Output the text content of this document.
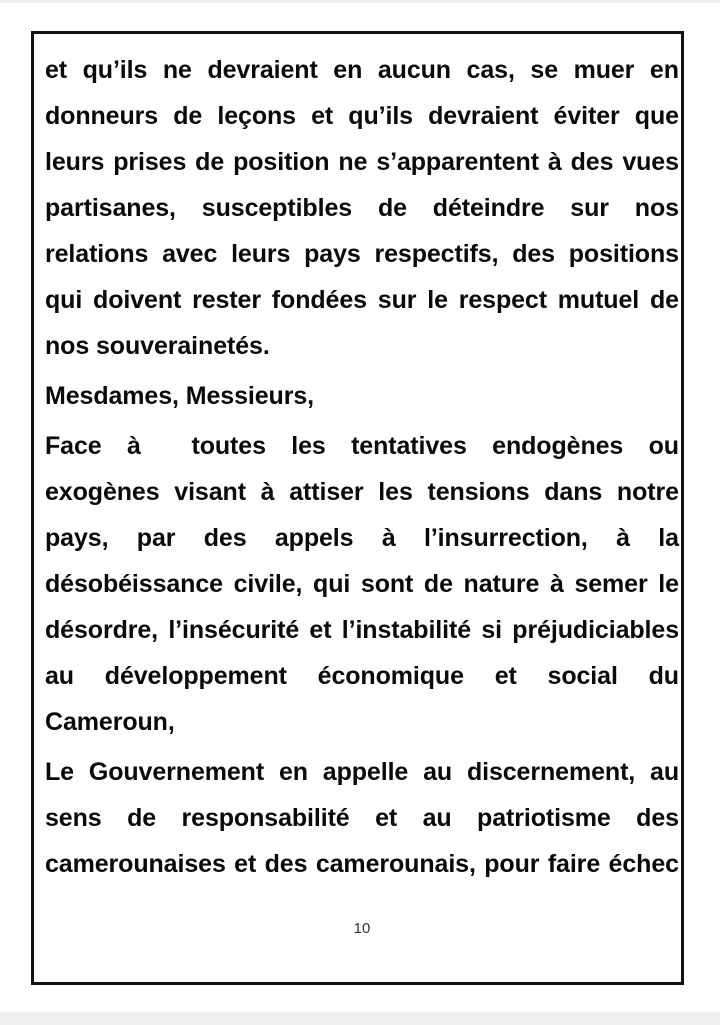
et qu’ils ne devraient en aucun cas, se muer en
donneurs de leçons et qu’ils devraient éviter que
leurs prises de position ne s’apparentent à des vues
partisanes, susceptibles de déteindre sur nos
relations avec leurs pays respectifs, des positions
qui doivent rester fondées sur le respect mutuel de
nos souverainetés.
Mesdames, Messieurs,
Face à toutes les tentatives endogènes ou
exogènes visant à attiser les tensions dans notre
pays, par des appels à l’insurrection, à la
désobéissance civile, qui sont de nature à semer le
désordre, l’insécurité et l’instabilité si préjudiciables
au développement économique et social du
Cameroun,
Le Gouvernement en appelle au discernement, au
sens de responsabilité et au patriotisme des
camerounaises et des camerounais, pour faire échec
10
